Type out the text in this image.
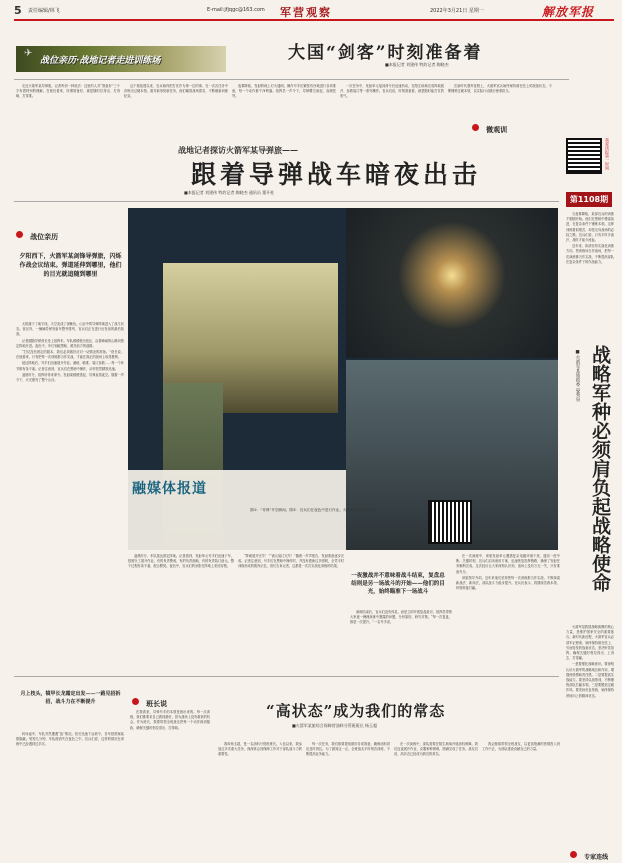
5 责任编辑/林飞	E-mail:jfjqgc@163.com 军营观察	2022年3月21日 星期一	解放军报
✈
战位亲历·战地记者走进训练场	大国“剑客”时刻准备着
■本报记者 刘建伟 特约记者 陶晓杰

走近火箭军某导弹旅，记者听到一种说法：这里的人对“准备好”三个字有着特别的理解。在他们看来，所谓准备好，就是随时拉得出、打得响、打得准。

这个旅组建以来，官兵始终把打仗作为第一位的事，在一次次任务中淬炼出过硬本领。面对新形势新任务，他们瞄准战场需求，不断刷新训练纪录。

夜幕降临，发射阵地上灯火通明。操作号手们紧张有序地进行各项准备，每一个动作都干净利落。指挥员一声令下，导弹腾空而起，直刺苍穹。

一次任务中，发射单元接到命令后迅速机动，在陌生地域完成阵地展开、参数装订等一系列操作。官兵们说，时刻准备着，就是随时能打仗的底气。

在新时代强军征程上，火箭军官兵始终保持箭在弦上的战备状态，不断锤炼过硬本领，以实际行动践行使命担当。

微观训
我爱读报第一时间
第1108期

当夜幕降临，某部官兵的训练才刚刚开始。他们在黑暗中摸索前进，在复杂条件下锤炼本领。这种训练看似艰苦，却是走向战场的必经之路。官兵们说，只有平时多流汗，战时才能少流血。

近年来，该部坚持实战化训练方向，把训练场当作战场，把每一次演练都当作实战，不断提高部队在复杂条件下的作战能力。

战地记者探访火箭军某导弹旅——
跟着导弹战车暗夜出击
■本报记者 刘建伟 特约记者 陶晓杰 通讯员 董开柱
战位亲历
夕阳西下，火箭军某剑锋导弹旅，闪烁作战会议结束。弹道延伸到哪里，他们的目光就追随到哪里

太阳落下了地平线，天空变成了深紫色。山谷中的导弹阵地进入了战斗状态。营区内，一辆辆导弹发射车整齐排列，官兵们正在进行出发前的最后检查。

记者跟随导弹营长坐上指挥车。车队缓缓驶出营区，沿着崎岖的山路向预定阵地开进。夜色中，车灯划破黑暗，照亮前方的道路。

“打仗没有固定的剧本，我们必须做好应对一切情况的准备。”营长说。在他看来，只有把每一次训练都当作实战，才能在真正的战场上取得胜利。

抵达阵地后，号手们迅速展开作业。测地、瞄准、装订参数……每一个环节都有条不紊。记者注意到，官兵们在黑暗中操作，动作依然精准迅速。

凌晨时分，指挥所传来命令。发射架缓缓竖起，导弹直指夜空。随着一声令下，火光照亮了整个山谷。

月上枝头，镜甲长龙霜定出发——一路见招拆招，战斗力在不断提升

转场途中，车队突然遭遇“敌”情况。营长迅速下达命令，各车按预案疏散隐蔽。短短几分钟，车队便消失在夜色之中。官兵们说，这样的情况在训练中已经遇到过多次。

融媒体报道
图①：“导弹”升空瞬间。图②：官兵们在夜色中进行作业。火箭军某导弹旅供图
学习军团微信

凌晨时分，车队抵达预定阵地。记者看到，发射单元号手们迅速下车，按照分工展开作业。有的负责警戒，有的负责测地，有的负责装订诸元。整个过程有条不紊，配合默契。夜色中，官兵们的身影在阵地上来回穿梭。

“阵地展开完毕！”“诸元装订完毕！”随着一声声报告，发射准备逐步完成。记者注意到，号手们在黑暗中操作时，并没有借助过多照明，全凭平时训练形成的肌肉记忆。营长告诉记者，这都是一次次实战化训练的结果。

一夜激战并不意味着战斗结束，复盘总结则是另一场战斗的开始——他们的目光，始终瞄准下一场战斗

演练结束后，官兵们没有休息，而是立即开展复盘检讨。指挥员带领大家逐一梳理演练中暴露的问题，分析原因、研究对策。“每一次复盘，都是一次提升。”一名号手说。

在一次演练中，该旅发射单元遭遇复杂电磁环境干扰，通信一度中断。关键时刻，官兵们启用备用方案，迅速恢复指挥链路，确保了发射任务顺利完成。这次经历让大家深刻认识到，战场上没有万无一失，只有准备充分。

该旅领导介绍，近年来他们坚持把每一次训练都当作实战，不断探索新战法、新训法，部队战斗力稳步提升。官兵们表示，将继续苦练本领，时刻准备打赢。	战略军种必须肩负起战略使命
■火箭军某旅政委 晏秀泉

火箭军是我国战略威慑的核心力量，是维护国家安全的重要基石。新时代新征程，火箭军官兵必须牢记使命，始终保持箭在弦上、引而待发的战备状态，坚决听党指挥，确保关键时刻拉得出、上得去、打得赢。

一是要强化战略意识。要深刻认识火箭军的战略地位和作用，增强使命感和责任感。二是要提高实战能力。要坚持以战领训，不断锤炼部队打赢本领。三是要锻造过硬作风。要发扬优良传统，始终保持昂扬向上的精神状态。

班长说

在我看来，导弹号手的本领是练出来的。每一次训练，我们都要求自己做到最好，因为战场上没有重来的机会。作为班长，我要带领全班战友把每一个动作练到极致，确保关键时刻拉得出、打得响。

“高状态”成为我们的常态
■火箭军某旅综合保障营油料分管班班长 杨玉超

我叫杨玉超，是一名油料分管班班长。入伍以来，我参加过多次重大任务，深深体会到保障工作对于部队战斗力的重要性。

每一次任务，我们都要提前做好各项准备，确保油料供应及时到位。为了做到这一点，全班战友平时刻苦训练，不断提高业务能力。

在一次演练中，部队需要在陌生地域开展油料保障。我们连夜展开作业，克服种种困难，圆满完成了任务。战友们说，高状态已经成为我们的常态。

我会继续带领全班战友，以更加饱满的热情投入到工作中去，为部队建设贡献自己的力量。

专家连线
